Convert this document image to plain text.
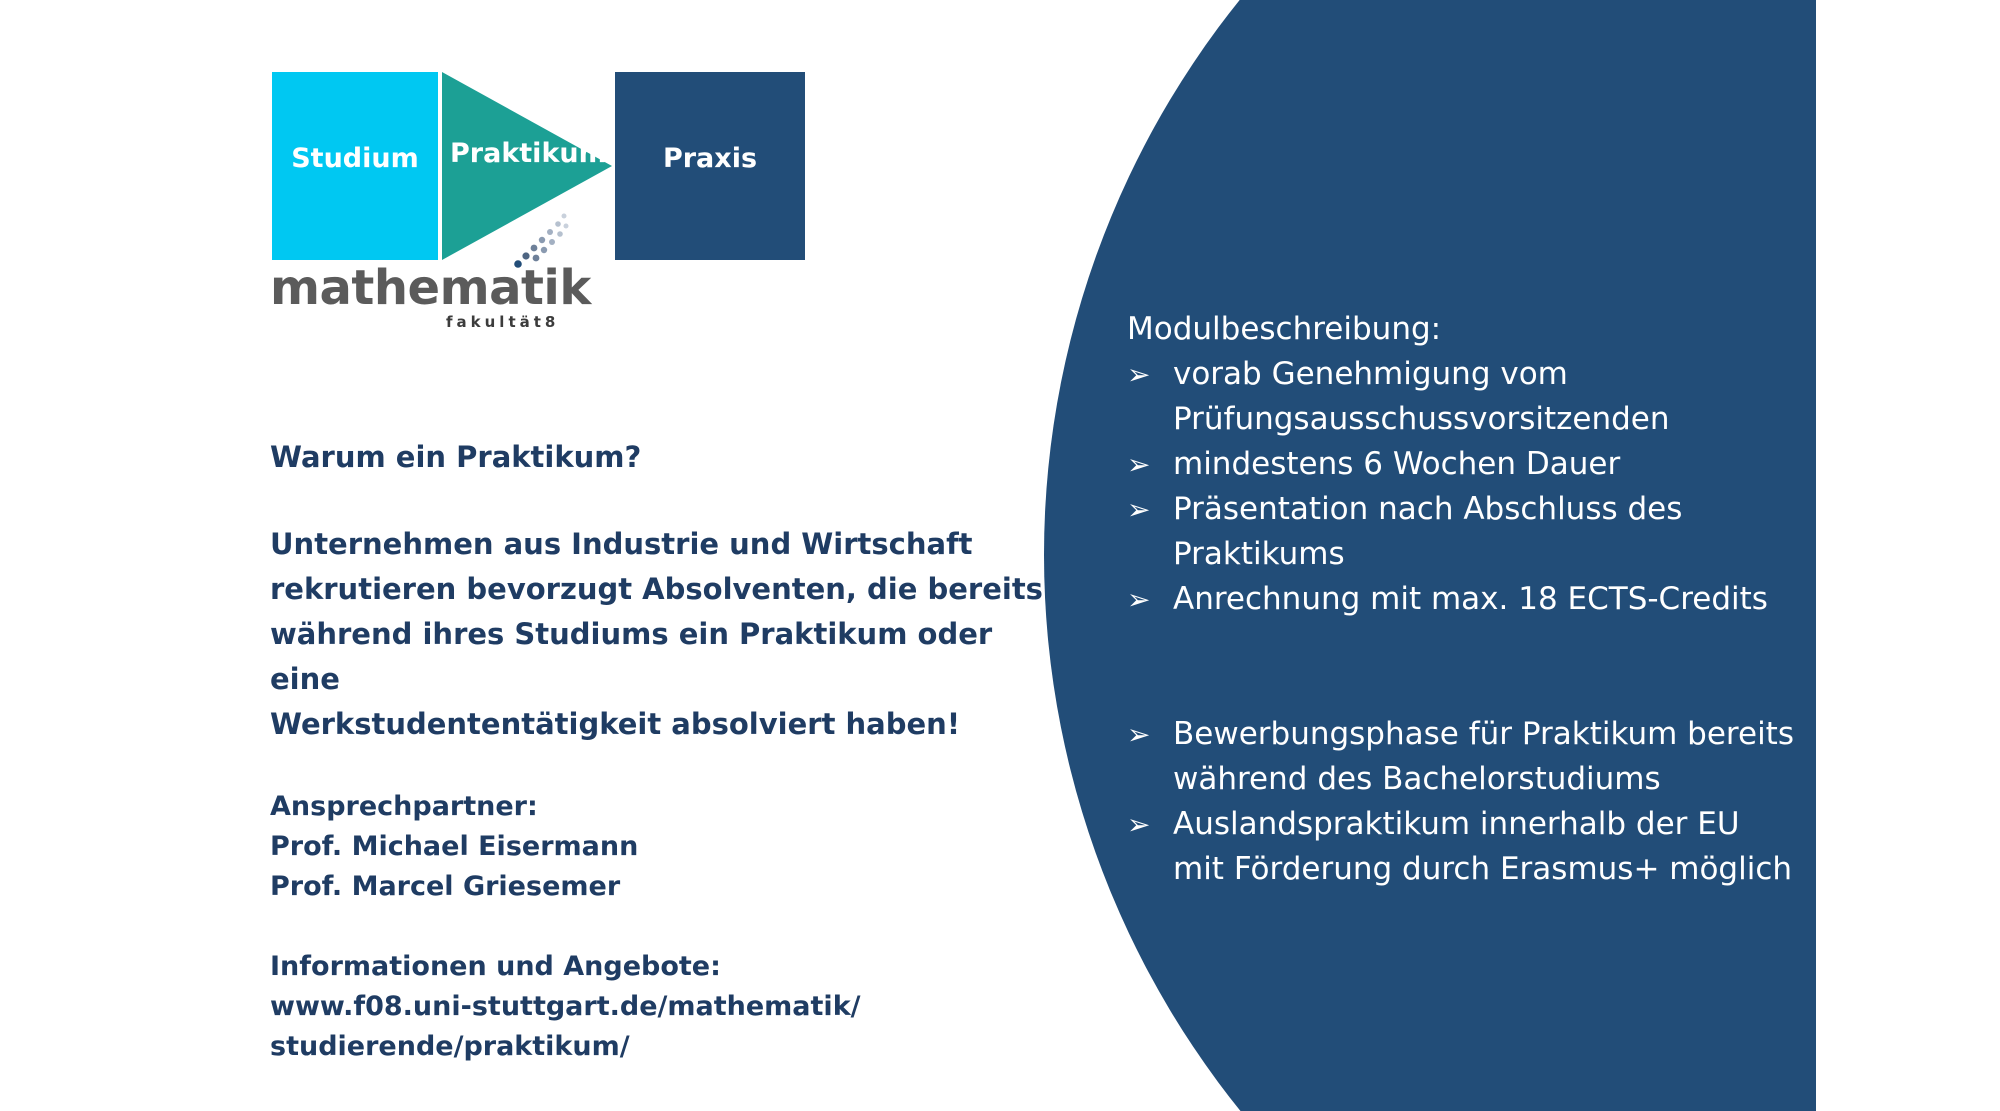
Studium Praktikum Praxis
mathematik
fakultät8

Warum ein Praktikum?

Unternehmen aus Industrie und Wirtschaft
rekrutieren bevorzugt Absolventen, die bereits
während ihres Studiums ein Praktikum oder eine
Werkstudententätigkeit absolviert haben!

Ansprechpartner:
Prof. Michael Eisermann
Prof. Marcel Griesemer

Informationen und Angebote:
www.f08.uni-stuttgart.de/mathematik/
studierende/praktikum/

Modulbeschreibung:

➢ vorab Genehmigung vom
Prüfungsausschussvorsitzenden
➢ mindestens 6 Wochen Dauer
➢ Präsentation nach Abschluss des
Praktikums
➢ Anrechnung mit max. 18 ECTS-Credits
➢ Bewerbungsphase für Praktikum bereits
während des Bachelorstudiums
➢ Auslandspraktikum innerhalb der EU
mit Förderung durch Erasmus+ möglich
